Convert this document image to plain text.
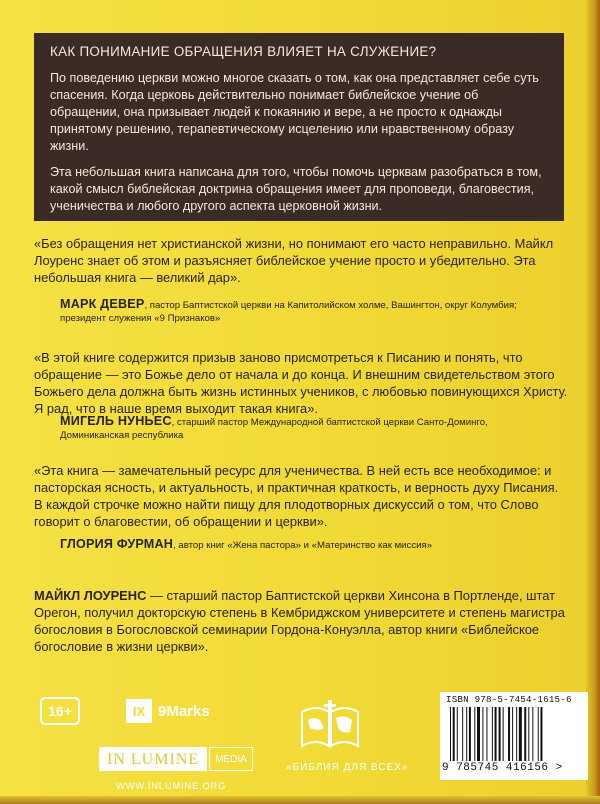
КАК ПОНИМАНИЕ ОБРАЩЕНИЯ ВЛИЯЕТ НА СЛУЖЕНИЕ?

По поведению церкви можно многое сказать о том, как она представляет себе суть спасения. Когда церковь действительно понимает библейское учение об обращении, она призывает людей к покаянию и вере, а не просто к однажды принятому решению, терапевтическому исцелению или нравственному образу жизни.

Эта небольшая книга написана для того, чтобы помочь церквам разобраться в том, какой смысл библейская доктрина обращения имеет для проповеди, благовестия, ученичества и любого другого аспекта церковной жизни.

«Без обращения нет христианской жизни, но понимают его часто неправильно. Майкл Лоуренс знает об этом и разъясняет библейское учение просто и убедительно. Эта небольшая книга — великий дар».

МАРК ДЕВЕР, пастор Баптистской церкви на Капитолийском холме, Вашингтон, округ Колумбия;
президент служения «9 Признаков»

«В этой книге содержится призыв заново присмотреться к Писанию и понять, что обращение — это Божье дело от начала и до конца. И внешним свидетельством этого Божьего дела должна быть жизнь истинных учеников, с любовью повинующихся Христу. Я рад, что в наше время выходит такая книга».

МИГЕЛЬ НУНЬЕС, старший пастор Международной баптистской церкви Санто-Доминго,
Доминиканская республика

«Эта книга — замечательный ресурс для ученичества. В ней есть все необходимое: и пасторская ясность, и актуальность, и практичная краткость, и верность духу Писания. В каждой строчке можно найти пищу для плодотворных дискуссий о том, что Слово говорит о благовестии, об обращении и церкви».

ГЛОРИЯ ФУРМАН, автор книг «Жена пастора» и «Материнство как миссия»
МАЙКЛ ЛОУРЕНС — старший пастор Баптистской церкви Хинсона в Портленде, штат Орегон, получил докторскую степень в Кембриджском университете и степень магистра богословия в Богословской семинарии Гордона-Конуэлла, автор книги «Библейское богословие в жизни церкви».
16+	IX 9Marks
IN LUMINE	MEDIA
WWW.INLUMINE.ORG
«БИБЛИЯ ДЛЯ ВСЕХ»
ISBN 978-5-7454-1615-6
9 785745 416156 >
